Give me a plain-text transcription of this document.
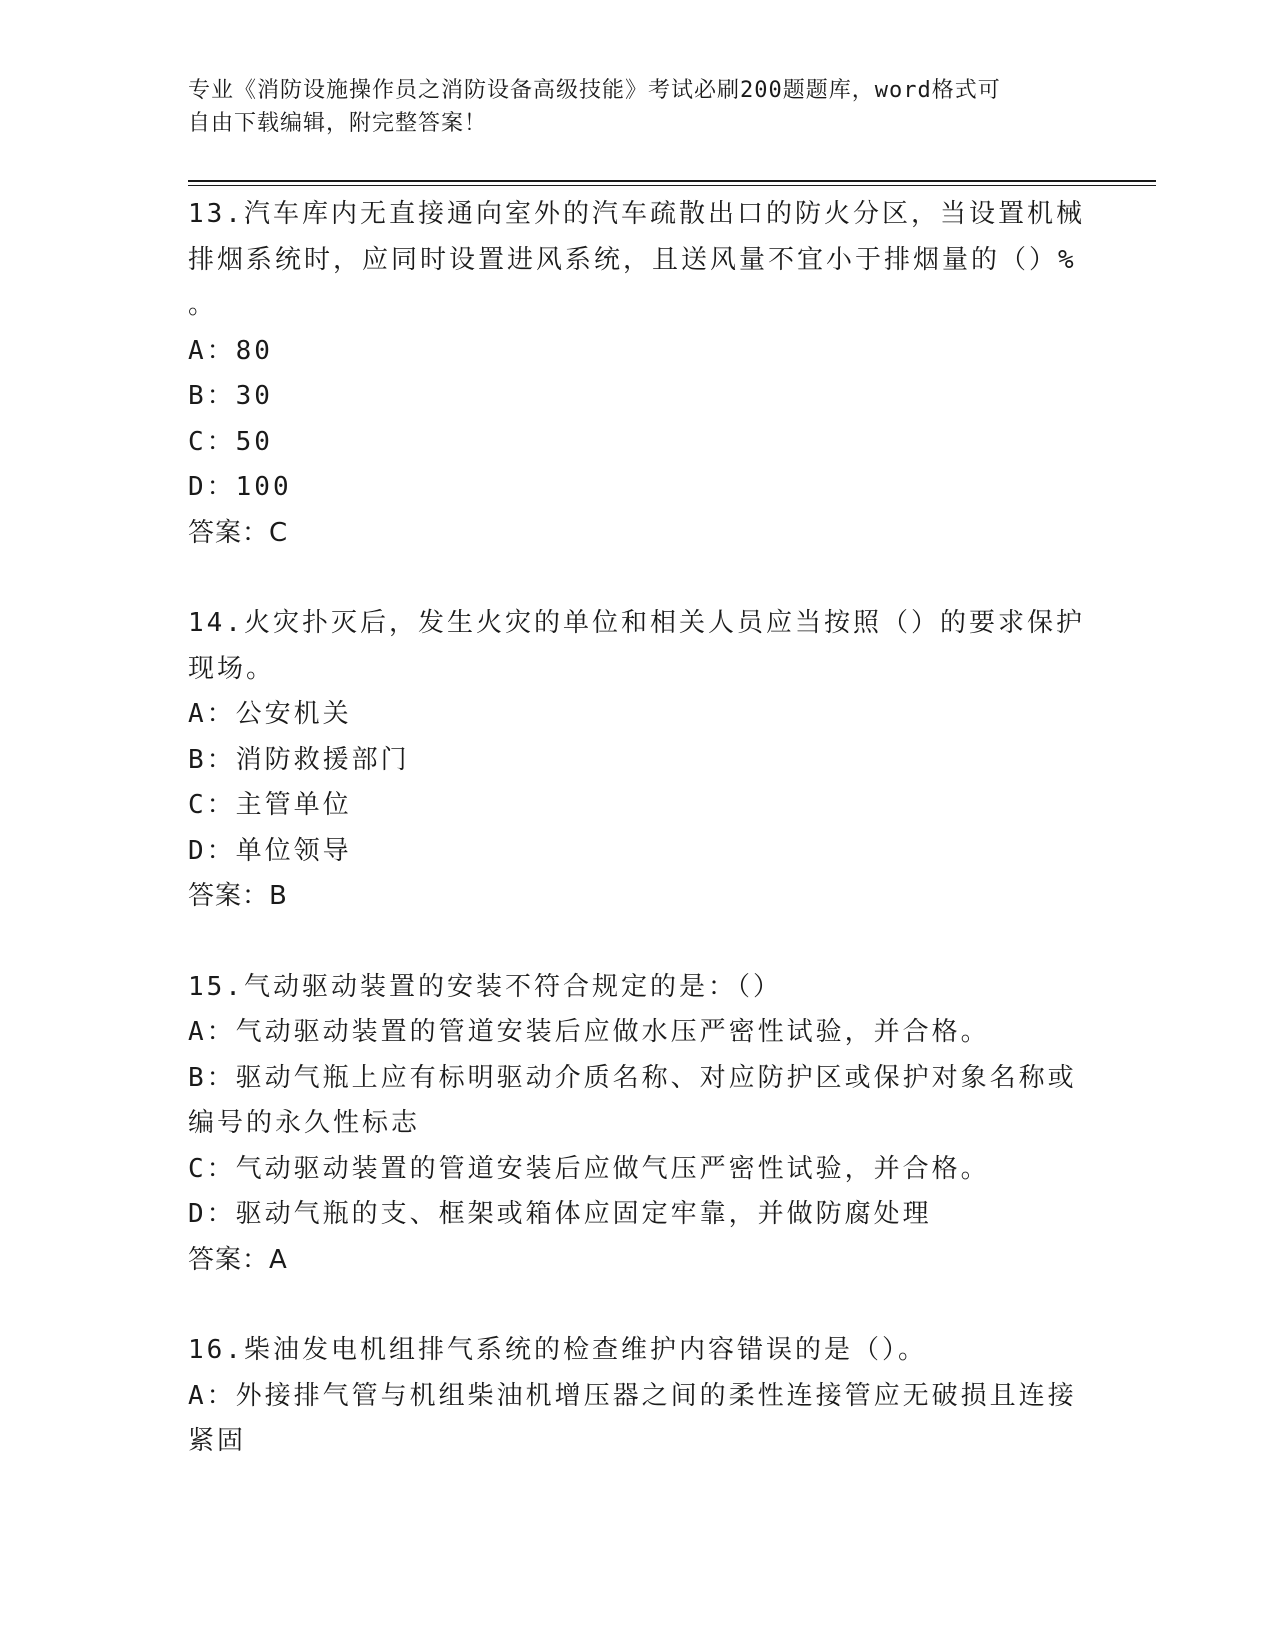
专业《消防设施操作员之消防设备高级技能》考试必刷200题题库，word格式可
自由下载编辑，附完整答案！
13.汽车库内无直接通向室外的汽车疏散出口的防火分区，当设置机械
排烟系统时，应同时设置进风系统，且送风量不宜小于排烟量的（）%
。
A：80
B：30
C：50
D：100
答案：C
14.火灾扑灭后，发生火灾的单位和相关人员应当按照（）的要求保护
现场。
A：公安机关
B：消防救援部门
C：主管单位
D：单位领导
答案：B
15.气动驱动装置的安装不符合规定的是：（）
A：气动驱动装置的管道安装后应做水压严密性试验，并合格。
B：驱动气瓶上应有标明驱动介质名称、对应防护区或保护对象名称或
编号的永久性标志
C：气动驱动装置的管道安装后应做气压严密性试验，并合格。
D：驱动气瓶的支、框架或箱体应固定牢靠，并做防腐处理
答案：A
16.柴油发电机组排气系统的检查维护内容错误的是（）。
A：外接排气管与机组柴油机增压器之间的柔性连接管应无破损且连接
紧固
